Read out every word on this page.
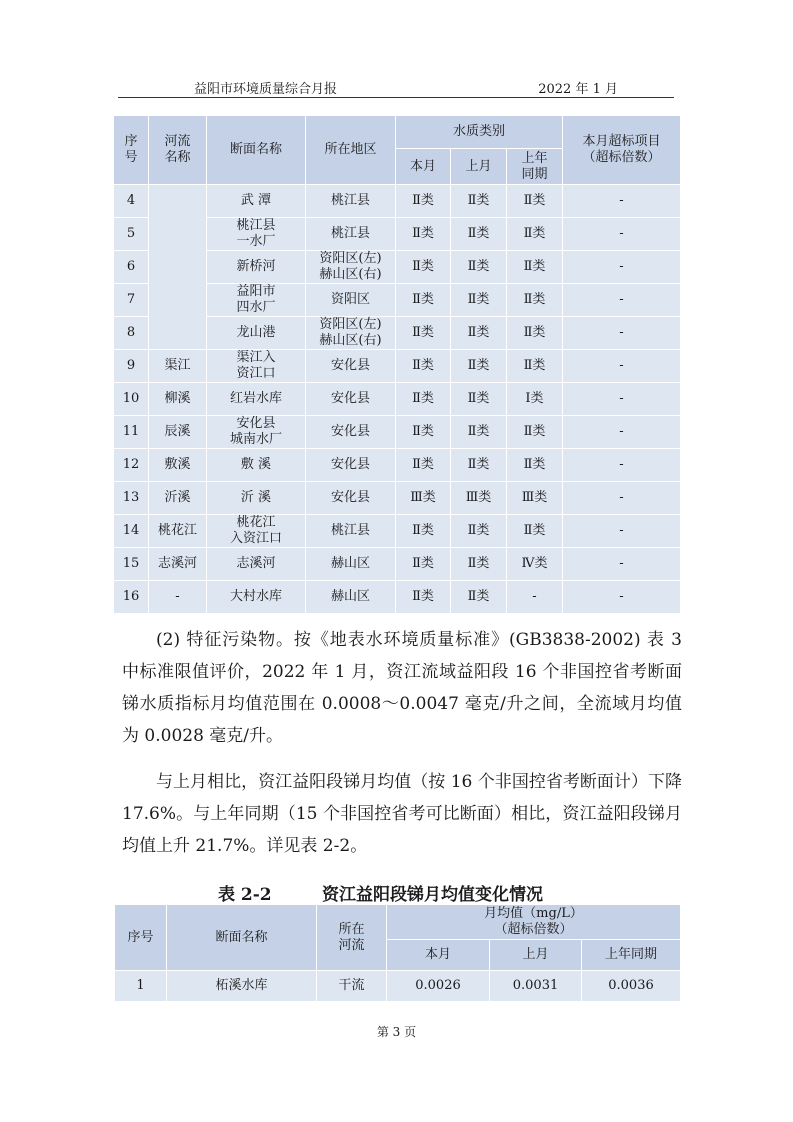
益阳市环境质量综合月报	2022 年 1 月
序
号	河流
名称	断面名称	所在地区	水质类别			本月超标项目
（超标倍数）
				本月	上月	上年
同期	
4		武 潭	桃江县	Ⅱ类	Ⅱ类	Ⅱ类	-
5		桃江县
一水厂	桃江县	Ⅱ类	Ⅱ类	Ⅱ类	-
6		新桥河	资阳区(左)
赫山区(右)	Ⅱ类	Ⅱ类	Ⅱ类	-
7		益阳市
四水厂	资阳区	Ⅱ类	Ⅱ类	Ⅱ类	-
8		龙山港	资阳区(左)
赫山区(右)	Ⅱ类	Ⅱ类	Ⅱ类	-
9	渠江	渠江入
资江口	安化县	Ⅱ类	Ⅱ类	Ⅱ类	-
10	柳溪	红岩水库	安化县	Ⅱ类	Ⅱ类	Ⅰ类	-
11	辰溪	安化县
城南水厂	安化县	Ⅱ类	Ⅱ类	Ⅱ类	-
12	敷溪	敷 溪	安化县	Ⅱ类	Ⅱ类	Ⅱ类	-
13	沂溪	沂 溪	安化县	Ⅲ类	Ⅲ类	Ⅲ类	-
14	桃花江	桃花江
入资江口	桃江县	Ⅱ类	Ⅱ类	Ⅱ类	-
15	志溪河	志溪河	赫山区	Ⅱ类	Ⅱ类	Ⅳ类	-
16	-	大村水库	赫山区	Ⅱ类	Ⅱ类	-	-

(2) 特征污染物。按《地表水环境质量标准》(GB3838-2002) 表 3 中标准限值评价，2022 年 1 月，资江流域益阳段 16 个非国控省考断面锑水质指标月均值范围在 0.0008～0.0047 毫克/升之间，全流域月均值为 0.0028 毫克/升。

与上月相比，资江益阳段锑月均值（按 16 个非国控省考断面计）下降 17.6%。与上年同期（15 个非国控省考可比断面）相比，资江益阳段锑月均值上升 21.7%。详见表 2-2。

表 2-2	资江益阳段锑月均值变化情况
序号	断面名称	所在
河流	月均值（mg/L）
（超标倍数）		
			本月	上月	上年同期
1	柘溪水库	干流	0.0026	0.0031	0.0036
第 3 页
